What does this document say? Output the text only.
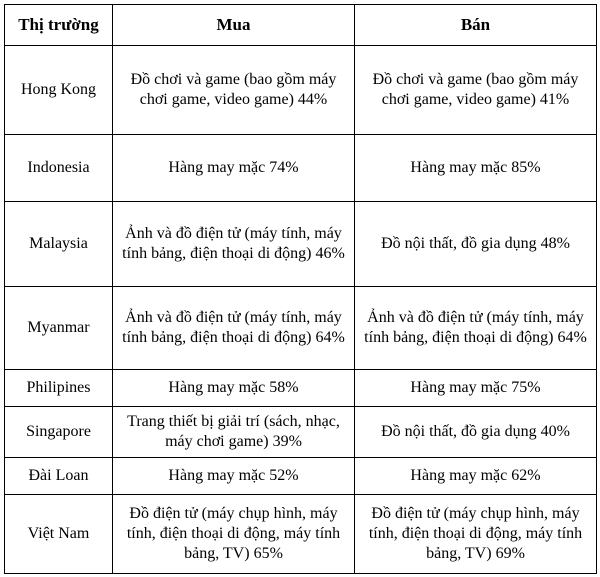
Thị trường	Mua	Bán
Hong Kong	Đồ chơi và game (bao gồm máy chơi game, video game) 44%	Đồ chơi và game (bao gồm máy chơi game, video game) 41%
Indonesia	Hàng may mặc 74%	Hàng may mặc 85%
Malaysia	Ảnh và đồ điện tử (máy tính, máy tính bảng, điện thoại di động) 46%	Đồ nội thất, đồ gia dụng 48%
Myanmar	Ảnh và đồ điện tử (máy tính, máy tính bảng, điện thoại di động) 64%	Ảnh và đồ điện tử (máy tính, máy tính bảng, điện thoại di động) 64%
Philipines	Hàng may mặc 58%	Hàng may mặc 75%
Singapore	Trang thiết bị giải trí (sách, nhạc, máy chơi game) 39%	Đồ nội thất, đồ gia dụng 40%
Đài Loan	Hàng may mặc 52%	Hàng may mặc 62%
Việt Nam	Đồ điện tử (máy chụp hình, máy tính, điện thoại di động, máy tính bảng, TV) 65%	Đồ điện tử (máy chụp hình, máy tính, điện thoại di động, máy tính bảng, TV) 69%
